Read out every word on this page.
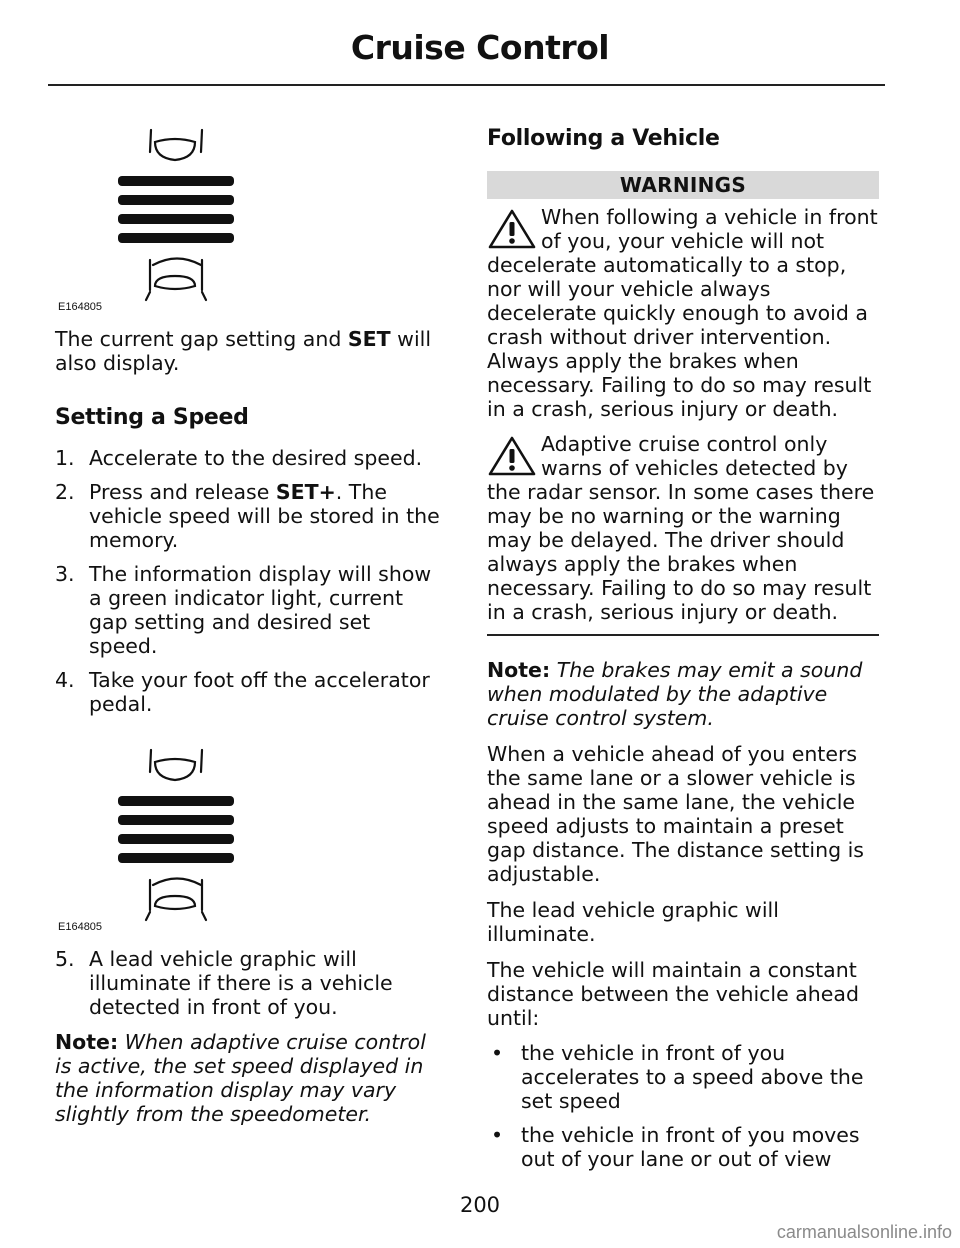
Cruise Control
E164805

The current gap setting and SET will also display.

Setting a Speed
1. Accelerate to the desired speed.
2. Press and release SET+. The vehicle speed will be stored in the memory.
3. The information display will show a green indicator light, current gap setting and desired set speed.
4. Take your foot off the accelerator pedal.
E164805
5. A lead vehicle graphic will illuminate if there is a vehicle detected in front of you.

Note: When adaptive cruise control is active, the set speed displayed in the information display may vary slightly from the speedometer.

Following a Vehicle
WARNINGS
When following a vehicle in front of you, your vehicle will not decelerate automatically to a stop, nor will your vehicle always decelerate quickly enough to avoid a crash without driver intervention. Always apply the brakes when necessary. Failing to do so may result in a crash, serious injury or death.
Adaptive cruise control only warns of vehicles detected by the radar sensor. In some cases there may be no warning or the warning may be delayed. The driver should always apply the brakes when necessary. Failing to do so may result in a crash, serious injury or death.

Note: The brakes may emit a sound when modulated by the adaptive cruise control system.

When a vehicle ahead of you enters the same lane or a slower vehicle is ahead in the same lane, the vehicle speed adjusts to maintain a preset gap distance. The distance setting is adjustable.

The lead vehicle graphic will illuminate.

The vehicle will maintain a constant distance between the vehicle ahead until:

• the vehicle in front of you accelerates to a speed above the set speed
• the vehicle in front of you moves out of your lane or out of view
200
carmanualsonline.info
